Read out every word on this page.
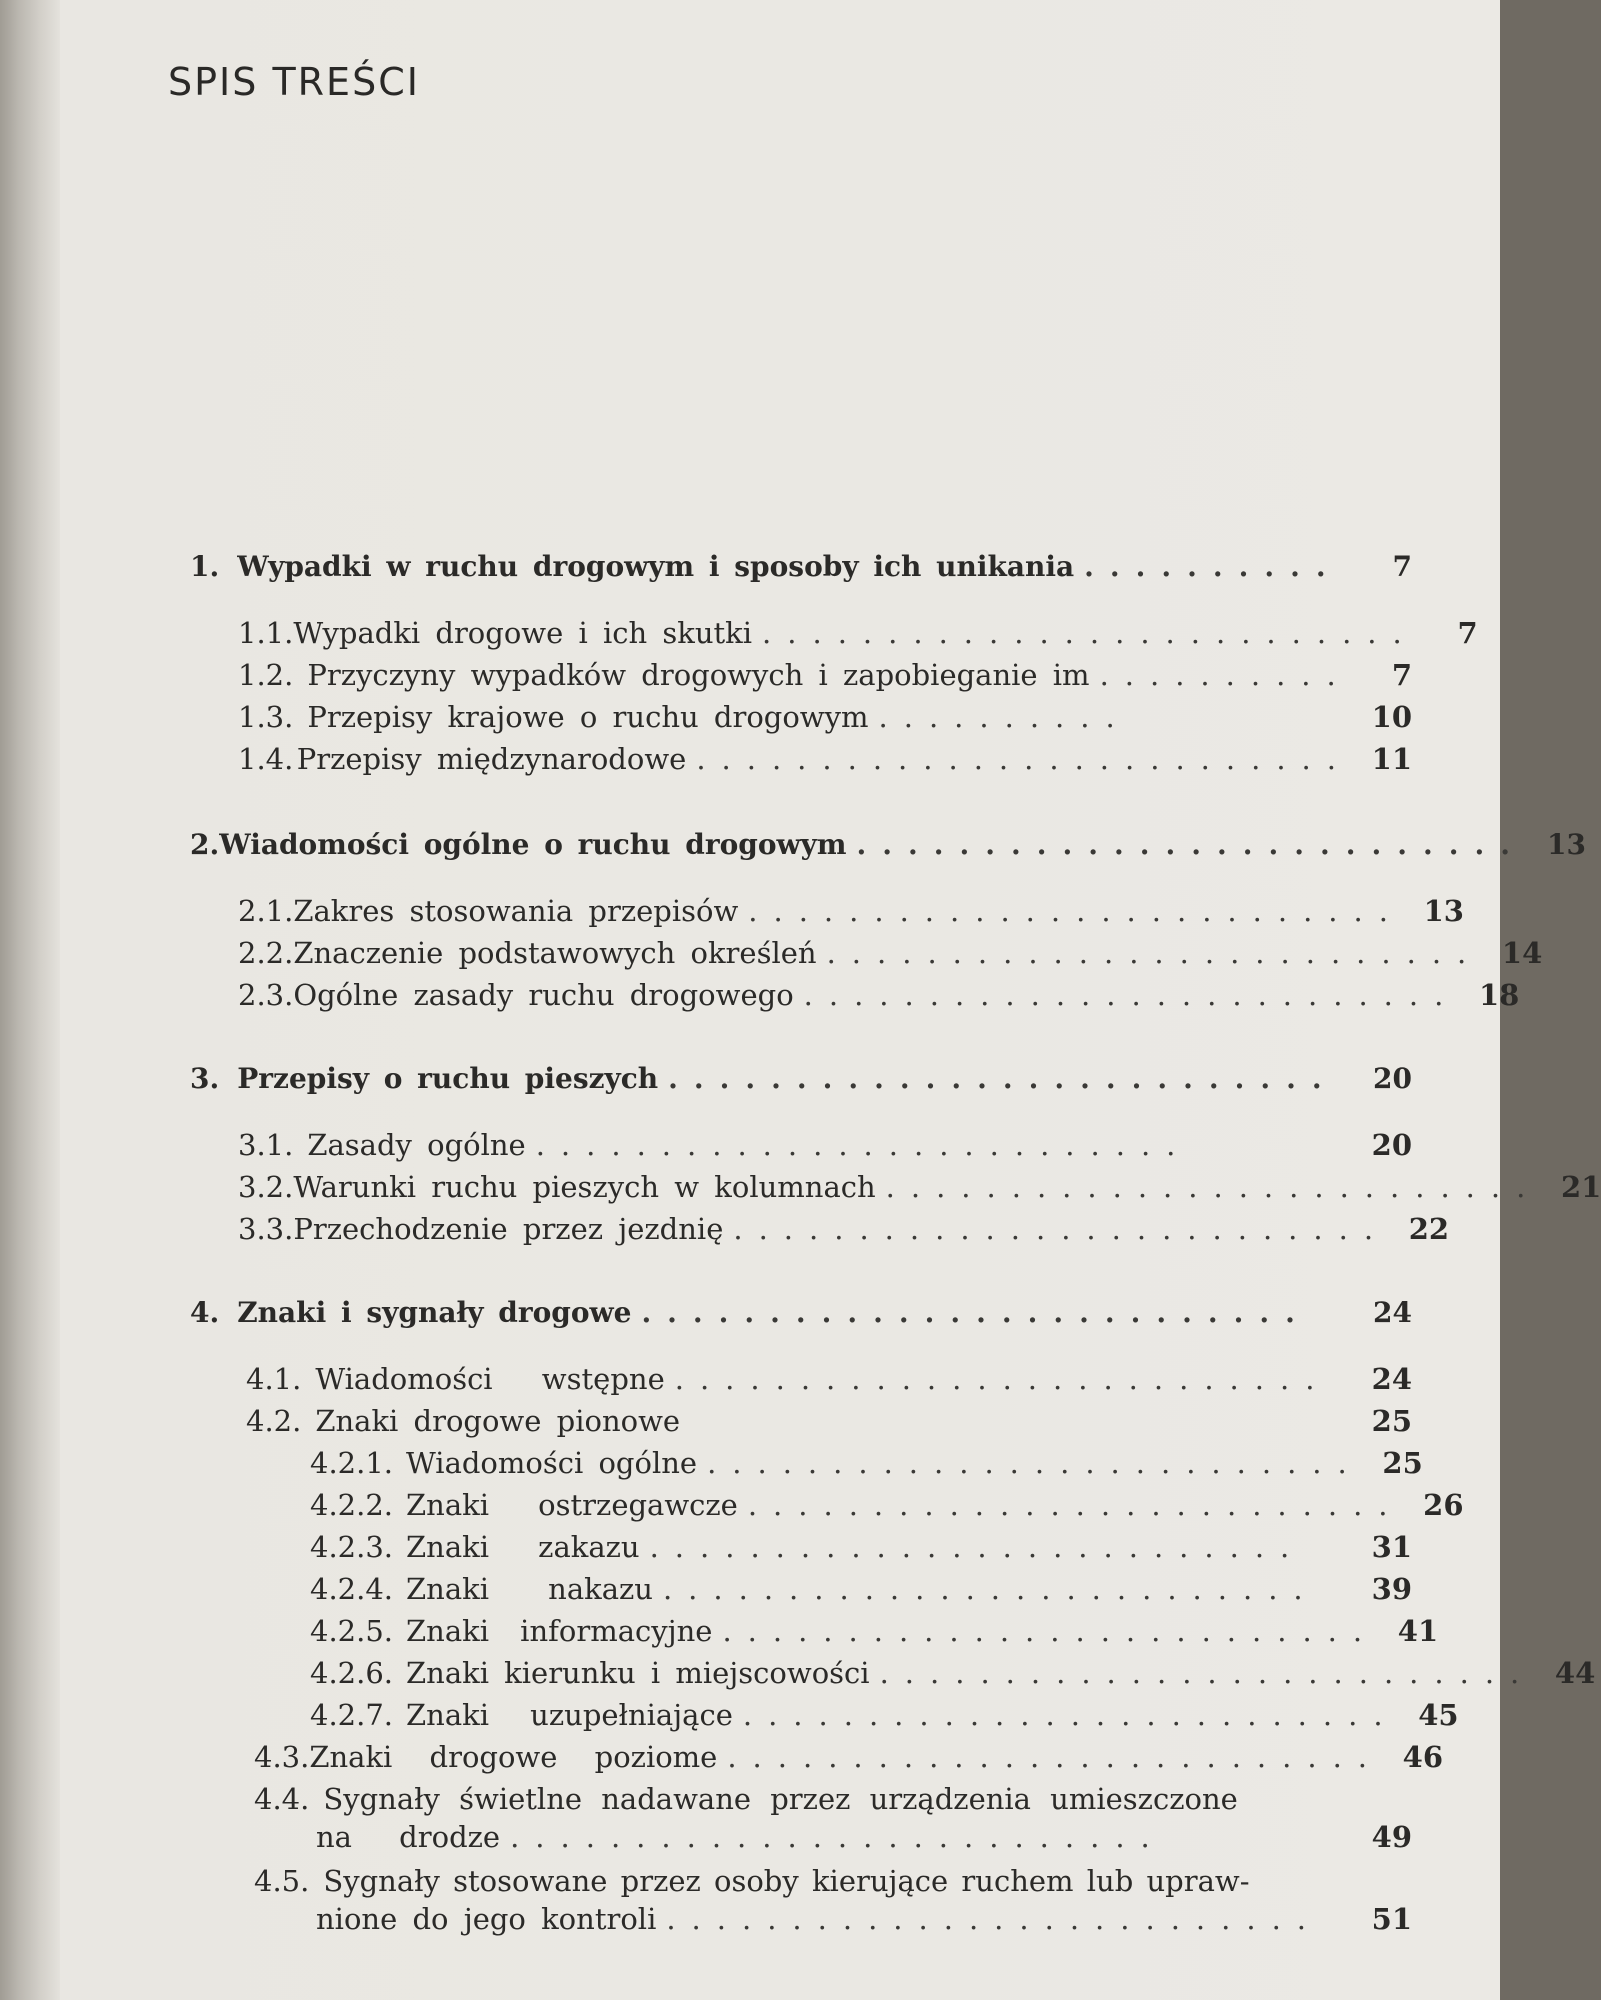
SPIS TREŚCI
1. Wypadki w ruchu drogowym i sposoby ich unikania ..........	7
1.1. Wypadki drogowe i ich skutki ..........................	7
1.2. Przyczyny wypadków drogowych i zapobieganie im ..........	7
1.3. Przepisy krajowe o ruchu drogowym ..........	10
1.4. Przepisy międzynarodowe .......................... 11
2. Wiadomości ogólne o ruchu drogowym .......................... 13
2.1. Zakres stosowania przepisów .......................... 13
2.2. Znaczenie podstawowych określeń .......................... 14
2.3. Ogólne zasady ruchu drogowego .......................... 18
3. Przepisy o ruchu pieszych ..........................	20
3.1. Zasady ogólne ..........................	20
3.2. Warunki ruchu pieszych w kolumnach .......................... 21
3.3. Przechodzenie przez jezdnię .......................... 22
4. Znaki i sygnały drogowe ..........................	24
4.1. Wiadomości wstępne ..........................	24
4.2. Znaki drogowe pionowe	25
4.2.1. Wiadomości ogólne .......................... 25
4.2.2. Znaki ostrzegawcze .......................... 26
4.2.3. Znaki zakazu ..........................	31
4.2.4. Znaki nakazu ..........................	39
4.2.5. Znaki informacyjne .......................... 41
4.2.6. Znaki kierunku i miejscowości .......................... 44
4.2.7. Znaki uzupełniające .......................... 45
4.3. Znaki drogowe poziome .......................... 46
4.4. Sygnały świetlne nadawane przez urządzenia umieszczone
na drodze ..........................	49
4.5. Sygnały stosowane przez osoby kierujące ruchem lub upraw-
nione do jego kontroli ..........................	51
